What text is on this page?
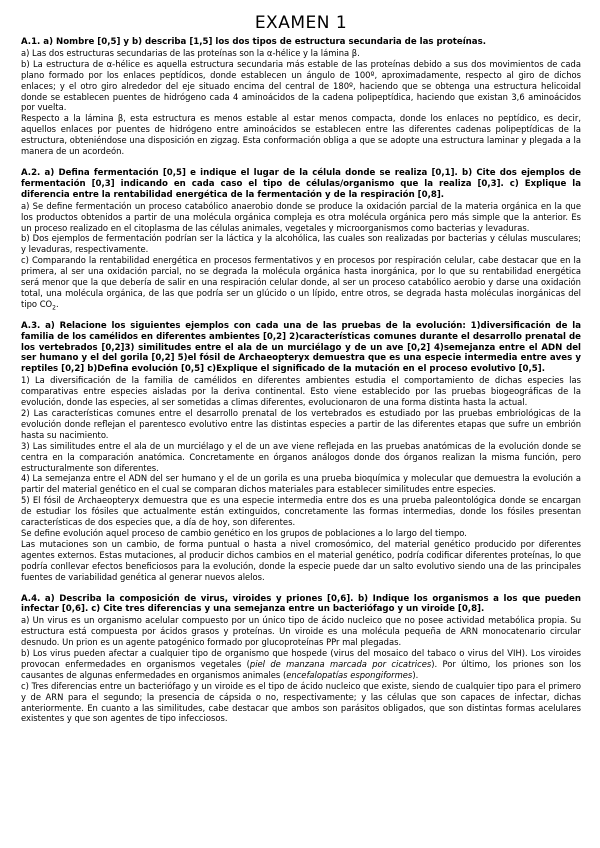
EXAMEN 1

A.1. a) Nombre [0,5] y b) describa [1,5] los dos tipos de estructura secundaria de las proteínas.

a) Las dos estructuras secundarias de las proteínas son la α-hélice y la lámina β.

b) La estructura de α-hélice es aquella estructura secundaria más estable de las proteínas debido a sus dos movimientos de cada plano formado por los enlaces peptídicos, donde establecen un ángulo de 100º, aproximadamente, respecto al giro de dichos enlaces; y el otro giro alrededor del eje situado encima del central de 180º, haciendo que se obtenga una estructura helicoidal donde se establecen puentes de hidrógeno cada 4 aminoácidos de la cadena polipeptídica, haciendo que existan 3,6 aminoácidos por vuelta.

Respecto a la lámina β, esta estructura es menos estable al estar menos compacta, donde los enlaces no peptídico, es decir, aquellos enlaces por puentes de hidrógeno entre aminoácidos se establecen entre las diferentes cadenas polipeptídicas de la estructura, obteniéndose una disposición en zigzag. Esta conformación obliga a que se adopte una estructura laminar y plegada a la manera de un acordeón.

A.2. a) Defina fermentación [0,5] e indique el lugar de la célula donde se realiza [0,1]. b) Cite dos ejemplos de fermentación [0,3] indicando en cada caso el tipo de células/organismo que la realiza [0,3]. c) Explique la diferencia entre la rentabilidad energética de la fermentación y de la respiración [0,8].

a) Se define fermentación un proceso catabólico anaerobio donde se produce la oxidación parcial de la materia orgánica en la que los productos obtenidos a partir de una molécula orgánica compleja es otra molécula orgánica pero más simple que la anterior. Es un proceso realizado en el citoplasma de las células animales, vegetales y microorganismos como bacterias y levaduras.

b) Dos ejemplos de fermentación podrían ser la láctica y la alcohólica, las cuales son realizadas por bacterias y células musculares; y levaduras, respectivamente.

c) Comparando la rentabilidad energética en procesos fermentativos y en procesos por respiración celular, cabe destacar que en la primera, al ser una oxidación parcial, no se degrada la molécula orgánica hasta inorgánica, por lo que su rentabilidad energética será menor que la que debería de salir en una respiración celular donde, al ser un proceso catabólico aerobio y darse una oxidación total, una molécula orgánica, de las que podría ser un glúcido o un lípido, entre otros, se degrada hasta moléculas inorgánicas del tipo $CO_2$.

A.3. a) Relacione los siguientes ejemplos con cada una de las pruebas de la evolución: 1)diversificación de la familia de los camélidos en diferentes ambientes [0,2] 2)características comunes durante el desarrollo prenatal de los vertebrados [0,2]3) similitudes entre el ala de un murciélago y de un ave [0,2] 4)semejanza entre el ADN del ser humano y el del gorila [0,2] 5)el fósil de Archaeopteryx demuestra que es una especie intermedia entre aves y reptiles [0,2] b)Defina evolución [0,5] c)Explique el significado de la mutación en el proceso evolutivo [0,5].

1) La diversificación de la familia de camélidos en diferentes ambientes estudia el comportamiento de dichas especies las comparativas entre especies aisladas por la deriva continental. Esto viene establecido por las pruebas biogeográficas de la evolución, donde las especies, al ser sometidas a climas diferentes, evolucionaron de una forma distinta hasta la actual.

2) Las características comunes entre el desarrollo prenatal de los vertebrados es estudiado por las pruebas embriológicas de la evolución donde reflejan el parentesco evolutivo entre las distintas especies a partir de las diferentes etapas que sufre un embrión hasta su nacimiento.

3) Las similitudes entre el ala de un murciélago y el de un ave viene reflejada en las pruebas anatómicas de la evolución donde se centra en la comparación anatómica. Concretamente en órganos análogos donde dos órganos realizan la misma función, pero estructuralmente son diferentes.

4) La semejanza entre el ADN del ser humano y el de un gorila es una prueba bioquímica y molecular que demuestra la evolución a partir del material genético en el cual se comparan dichos materiales para establecer similitudes entre especies.

5) El fósil de Archaeopteryx demuestra que es una especie intermedia entre dos es una prueba paleontológica donde se encargan de estudiar los fósiles que actualmente están extinguidos, concretamente las formas intermedias, donde los fósiles presentan características de dos especies que, a día de hoy, son diferentes.

Se define evolución aquel proceso de cambio genético en los grupos de poblaciones a lo largo del tiempo.

Las mutaciones son un cambio, de forma puntual o hasta a nivel cromosómico, del material genético producido por diferentes agentes externos. Estas mutaciones, al producir dichos cambios en el material genético, podría codificar diferentes proteínas, lo que podría conllevar efectos beneficiosos para la evolución, donde la especie puede dar un salto evolutivo siendo una de las principales fuentes de variabilidad genética al generar nuevos alelos.

A.4. a) Describa la composición de virus, viroides y priones [0,6]. b) Indique los organismos a los que pueden infectar [0,6]. c) Cite tres diferencias y una semejanza entre un bacteriófago y un viroide [0,8].

a) Un virus es un organismo acelular compuesto por un único tipo de ácido nucleico que no posee actividad metabólica propia. Su estructura está compuesta por ácidos grasos y proteínas. Un viroide es una molécula pequeña de ARN monocatenario circular desnudo. Un prion es un agente patogénico formado por glucoproteínas PPr mal plegadas.

b) Los virus pueden afectar a cualquier tipo de organismo que hospede (virus del mosaico del tabaco o virus del VIH). Los viroides provocan enfermedades en organismos vegetales (piel de manzana marcada por cicatrices). Por último, los priones son los causantes de algunas enfermedades en organismos animales (encefalopatías espongiformes).

c) Tres diferencias entre un bacteriófago y un viroide es el tipo de ácido nucleico que existe, siendo de cualquier tipo para el primero y de ARN para el segundo; la presencia de cápsida o no, respectivamente; y las células que son capaces de infectar, dichas anteriormente. En cuanto a las similitudes, cabe destacar que ambos son parásitos obligados, que son distintas formas acelulares existentes y que son agentes de tipo infecciosos.
